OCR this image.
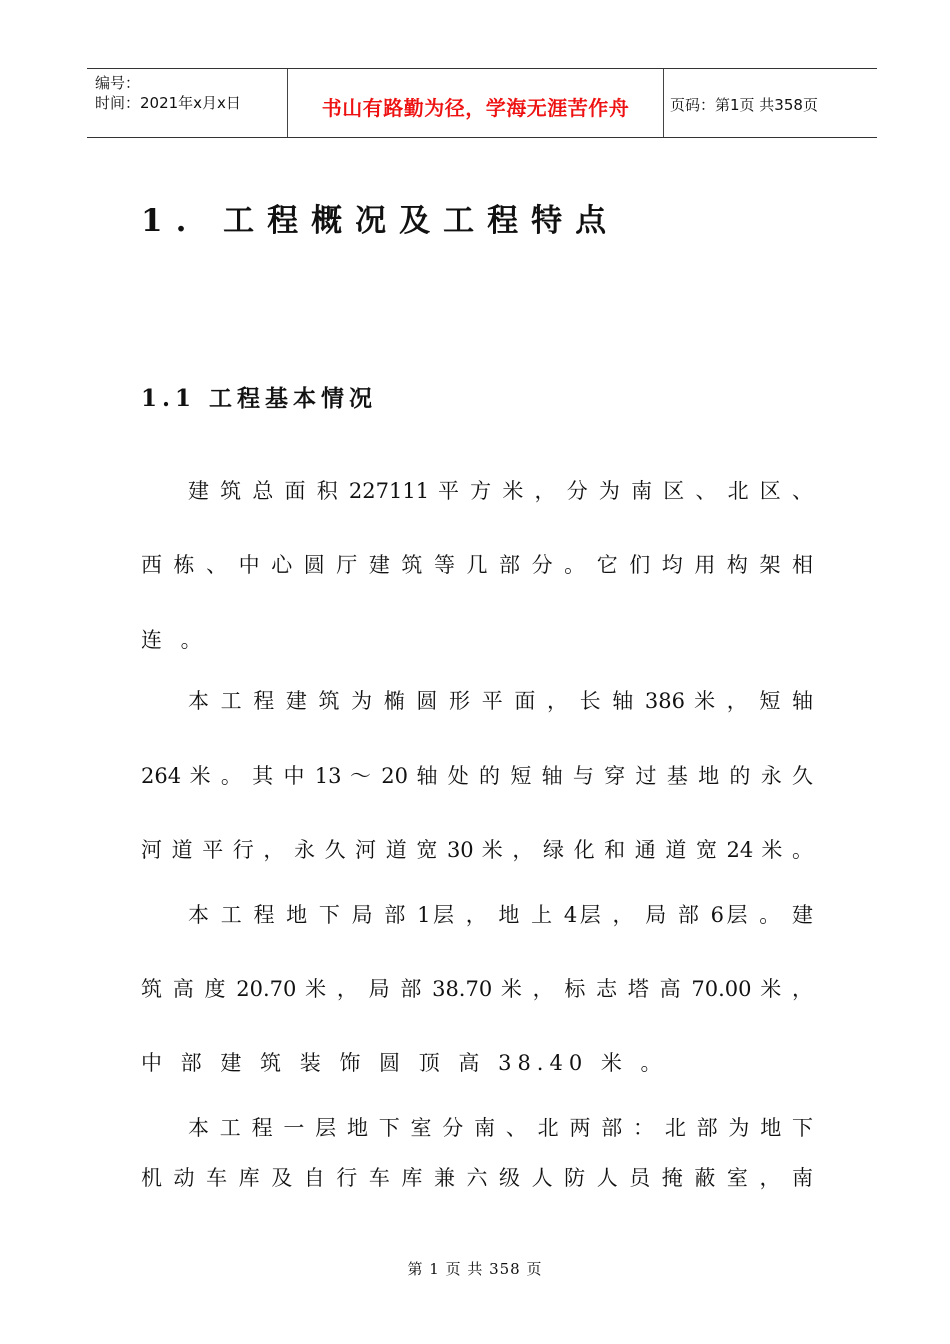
编号：
时间：2021年x月x日	书山有路勤为径，学海无涯苦作舟	页码：第1页 共358页
1. 工程概况及工程特点
1.1 工程基本情况
建 筑 总 面 积 227111 平 方 米 ， 分 为 南 区 、 北 区 、
西 栋 、 中 心 圆 厅 建 筑 等 几 部 分 。 它 们 均 用 构 架 相
连 。
本 工 程 建 筑 为 椭 圆 形 平 面 ， 长 轴 386 米 ， 短 轴
264 米 。 其 中 13 ～ 20 轴 处 的 短 轴 与 穿 过 基 地 的 永 久
河 道 平 行 ， 永 久 河 道 宽 30 米 ， 绿 化 和 通 道 宽 24 米 。
本 工 程 地 下 局 部 1层 ， 地 上 4层 ， 局 部 6层 。 建
筑 高 度 20.70 米 ， 局 部 38.70 米 ， 标 志 塔 高 70.00 米 ，
中 部 建 筑 装 饰 圆 顶 高 38.40 米 。
本 工 程 一 层 地 下 室 分 南 、 北 两 部 ： 北 部 为 地 下
机 动 车 库 及 自 行 车 库 兼 六 级 人 防 人 员 掩 蔽 室 ， 南
第 1 页 共 358 页
